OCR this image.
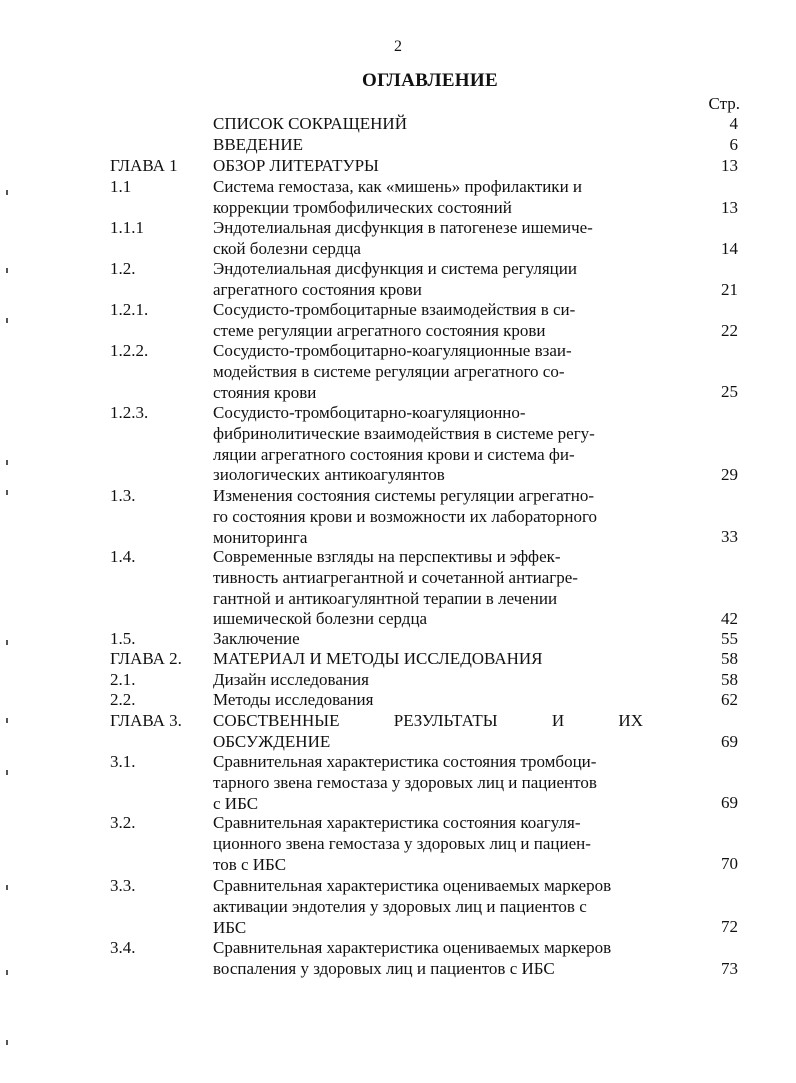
2
ОГЛАВЛЕНИЕ
Стр.
СПИСОК СОКРАЩЕНИЙ	4
ВВЕДЕНИЕ	6
ГЛАВА 1 ОБЗОР ЛИТЕРАТУРЫ	13
1.1	Система гемостаза, как «мишень» профилактики и
коррекции тромбофилических состояний	13
1.1.1	Эндотелиальная дисфункция в патогенезе ишемиче-
ской болезни сердца	14
1.2.	Эндотелиальная дисфункция и система регуляции
агрегатного состояния крови	21
1.2.1.	Сосудисто-тромбоцитарные взаимодействия в си-
стеме регуляции агрегатного состояния крови	22
1.2.2.	Сосудисто-тромбоцитарно-коагуляционные взаи-
модействия в системе регуляции агрегатного со-
стояния крови	25
1.2.3.	Сосудисто-тромбоцитарно-коагуляционно-
фибринолитические взаимодействия в системе регу-
ляции агрегатного состояния крови и система фи-
зиологических антикоагулянтов	29
1.3.	Изменения состояния системы регуляции агрегатно-
го состояния крови и возможности их лабораторного
мониторинга	33
1.4.	Современные взгляды на перспективы и эффек-
тивность антиагрегантной и сочетанной антиагре-
гантной и антикоагулянтной терапии в лечении
ишемической болезни сердца	42
1.5.	Заключение	55
ГЛАВА 2. МАТЕРИАЛ И МЕТОДЫ ИССЛЕДОВАНИЯ	58
2.1.	Дизайн исследования	58
2.2.	Методы исследования	62
ГЛАВА 3. СОБСТВЕННЫЕ	РЕЗУЛЬТАТЫ	И	ИХ
ОБСУЖДЕНИЕ	69
3.1.	Сравнительная характеристика состояния тромбоци-
тарного звена гемостаза у здоровых лиц и пациентов
с ИБС	69
3.2.	Сравнительная характеристика состояния коагуля-
ционного звена гемостаза у здоровых лиц и пациен-
тов с ИБС	70
3.3.	Сравнительная характеристика оцениваемых маркеров
активации эндотелия у здоровых лиц и пациентов с
ИБС	72
3.4.	Сравнительная характеристика оцениваемых маркеров
воспаления у здоровых лиц и пациентов с ИБС	73
